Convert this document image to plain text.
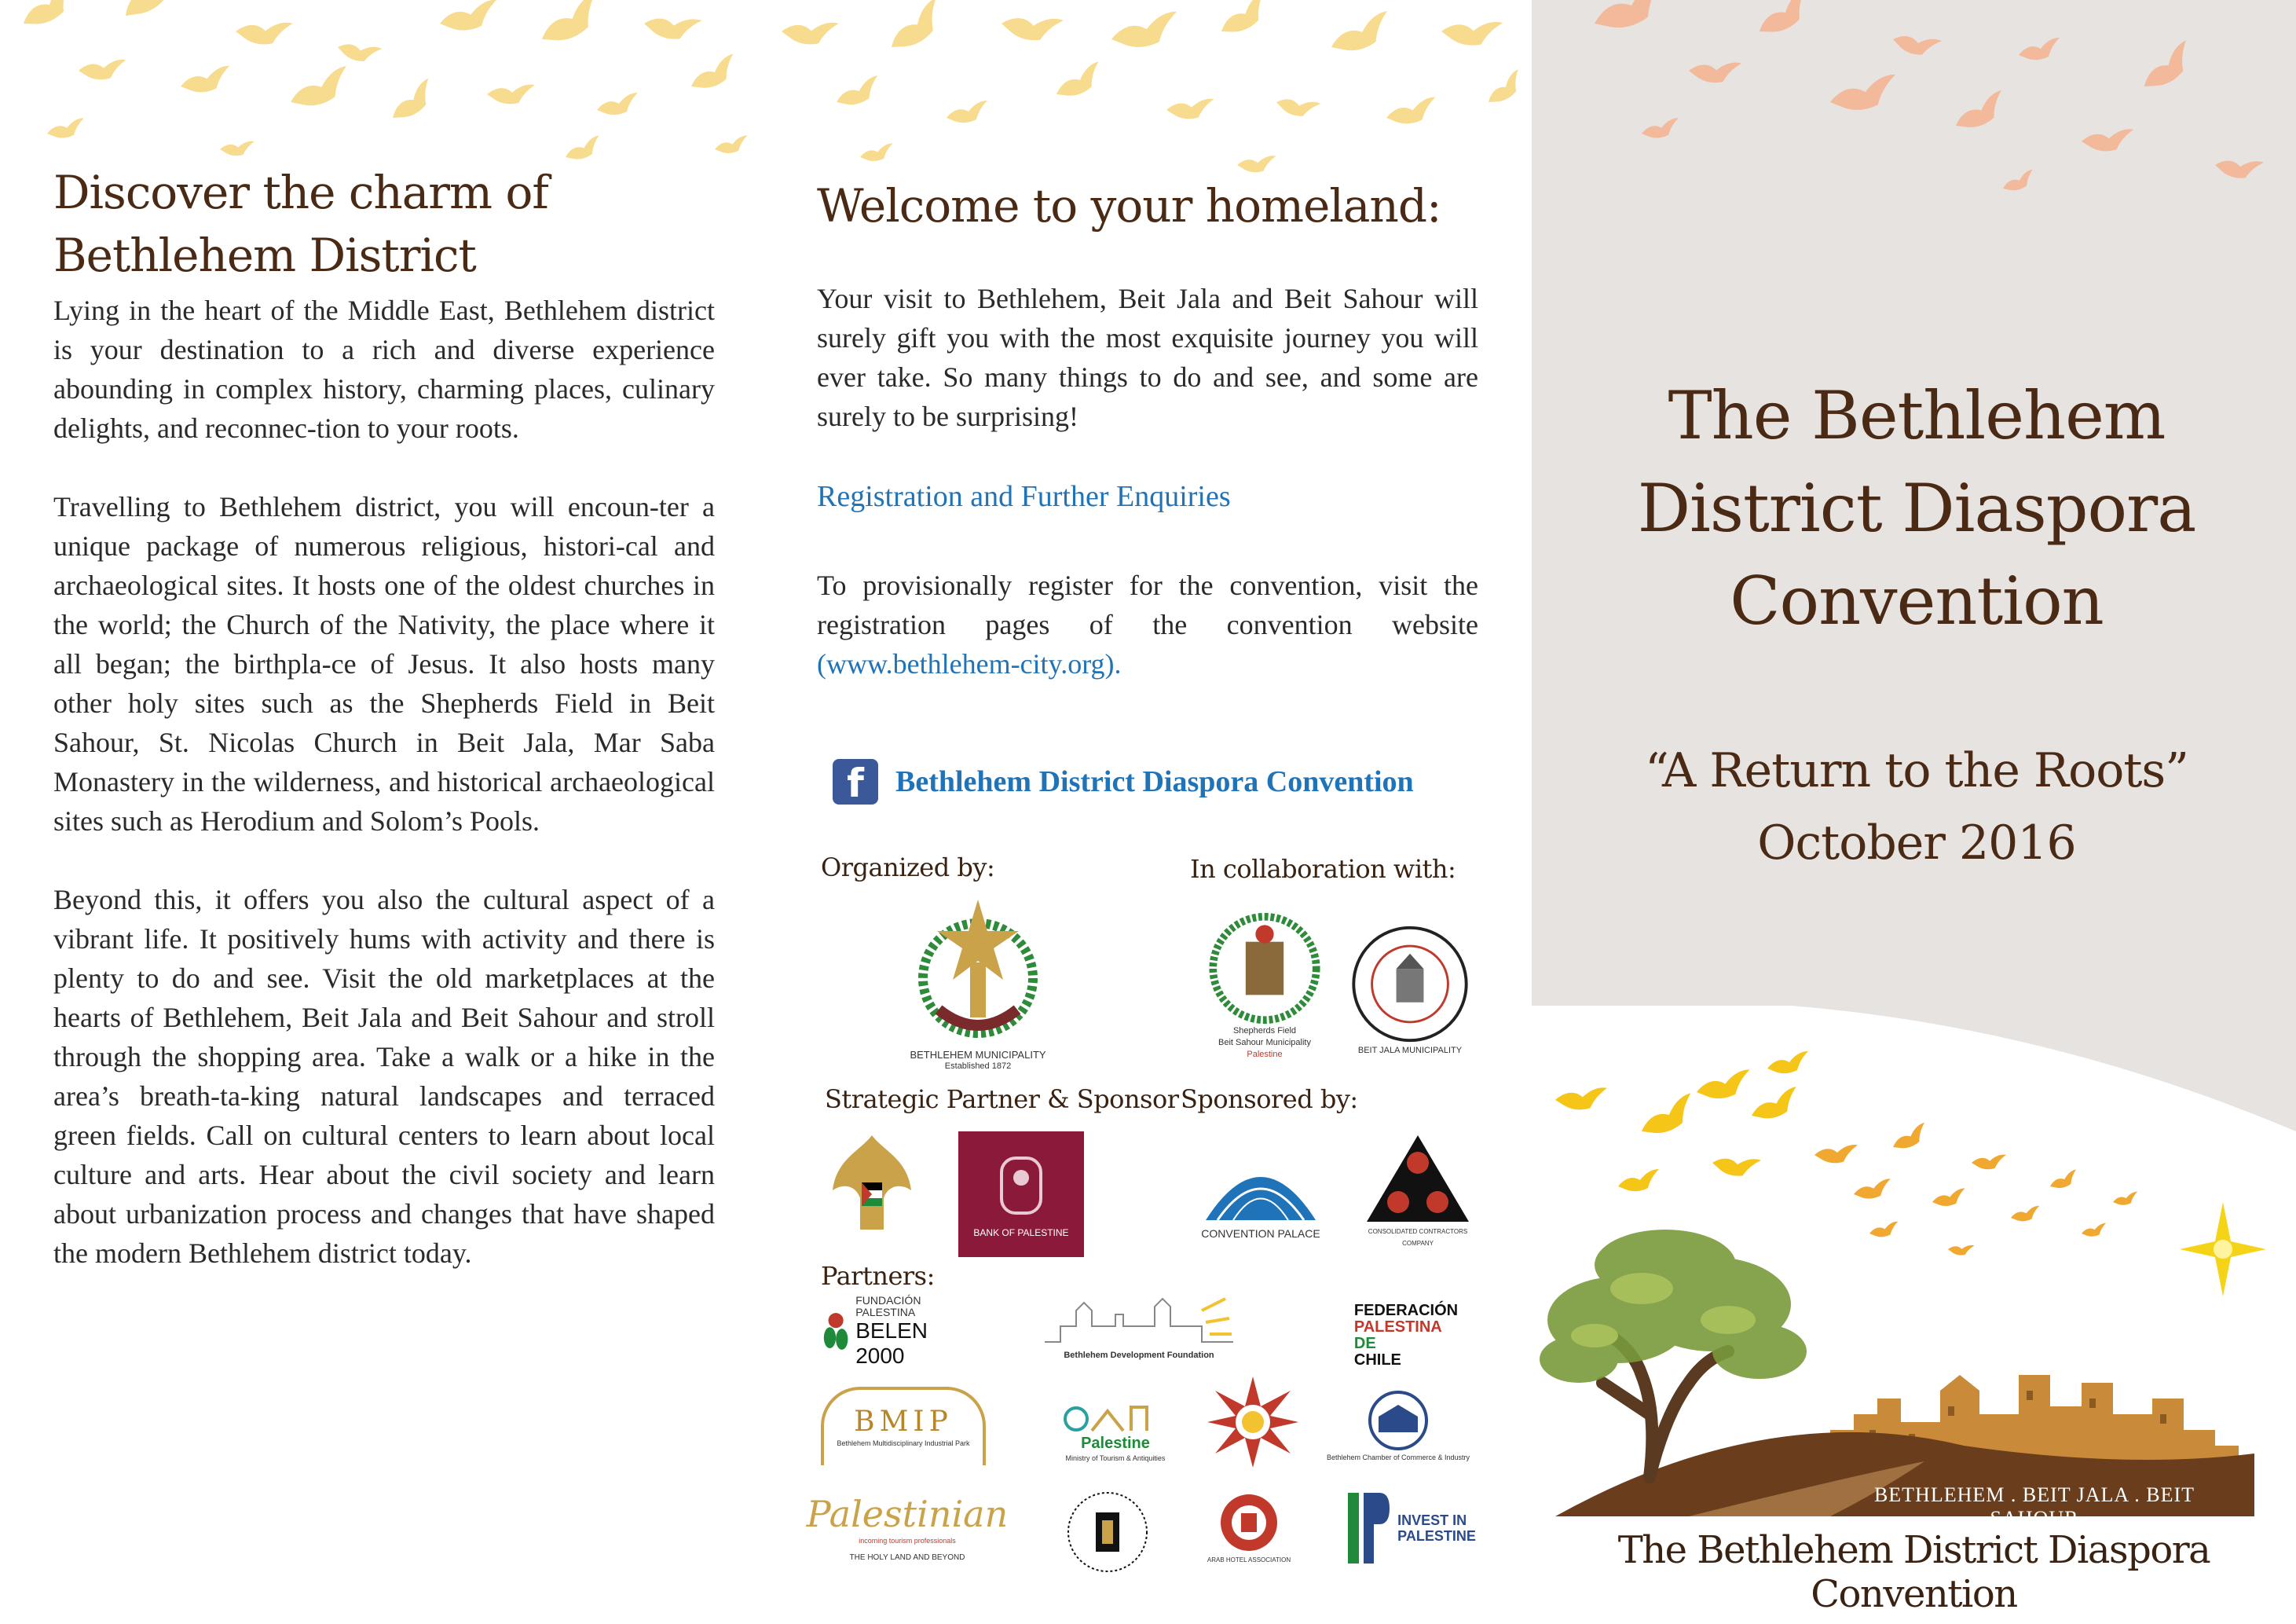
Discover the charm of
Bethlehem District

Lying in the heart of the Middle East, Bethlehem district is your destination to a rich and diverse experience abounding in complex history, charming places, culinary delights, and reconnec-tion to your roots.

Travelling to Bethlehem district, you will encoun-ter a unique package of numerous religious, histori-cal and archaeological sites. It hosts one of the oldest churches in the world; the Church of the Nativity, the place where it all began; the birthpla-ce of Jesus. It also hosts many other holy sites such as the Shepherds Field in Beit Sahour, St. Nicolas Church in Beit Jala, Mar Saba Monastery in the wilderness, and historical archaeological sites such as Herodium and Solom’s Pools.

Beyond this, it offers you also the cultural aspect of a vibrant life. It positively hums with activity and there is plenty to do and see. Visit the old marketplaces at the hearts of Bethlehem, Beit Jala and Beit Sahour and stroll through the shopping area. Take a walk or a hike in the area’s breath-ta-king natural landscapes and terraced green fields. Call on cultural centers to learn about local culture and arts. Hear about the civil society and learn about urbanization process and changes that have shaped the modern Bethlehem district today.

Welcome to your homeland:

Your visit to Bethlehem, Beit Jala and Beit Sahour will surely gift you with the most exquisite journey you will ever take. So many things to do and see, and some are surely to be surprising!

Registration and Further Enquiries

To provisionally register for the convention, visit the registration pages of the convention website (www.bethlehem-city.org).

f	Bethlehem District Diaspora Convention
Organized by:	In collaboration with:
BETHLEHEM MUNICIPALITY
Established 1872
Shepherds Field
Beit Sahour Municipality
Palestine	BEIT JALA MUNICIPALITY
Strategic Partner & Sponsor Sponsored by:
BANK OF PALESTINE	CONVENTION PALACE	CONSOLIDATED CONTRACTORS COMPANY
Partners:
FUNDACIÓN PALESTINA
BELEN 2000	Bethlehem Development Foundation
FEDERACIÓN
PALESTINA
DE
CHILE
BMIP
Bethlehem Multidisciplinary Industrial Park	Palestine
Ministry of Tourism & Antiquities	Bethlehem Chamber of Commerce & Industry
Palestinian
incoming tourism professionals
THE HOLY LAND AND BEYOND	ARAB HOTEL ASSOCIATION
INVEST IN
PALESTINE
The Bethlehem
District Diaspora
Convention
“A Return to the Roots”
October 2016
BETHLEHEM . BEIT JALA . BEIT SAHOUR
The Bethlehem District Diaspora Convention
